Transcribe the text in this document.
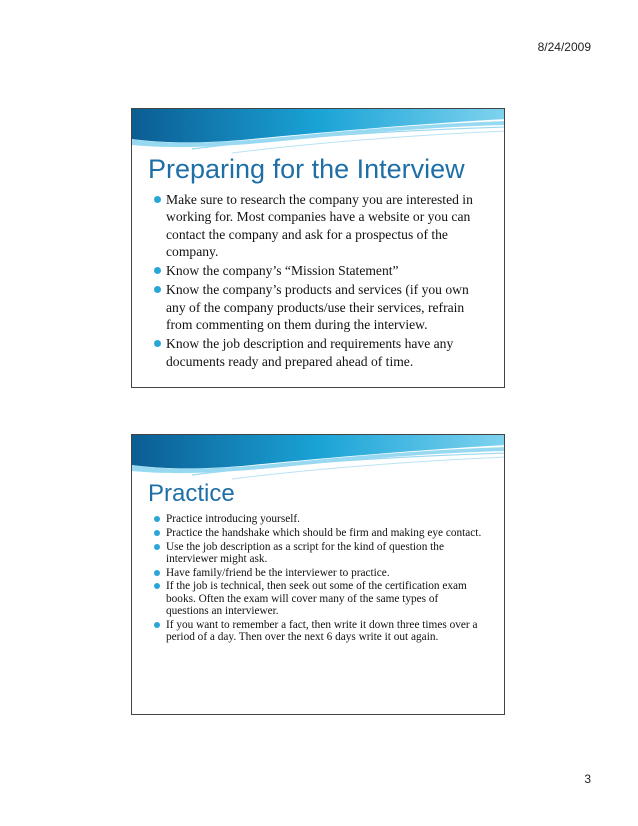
8/24/2009
Preparing for the Interview
Make sure to research the company you are interested in working for. Most companies have a website or you can contact the company and ask for a prospectus of the company.
Know the company’s “Mission Statement”
Know the company’s products and services (if you own any of the company products/use their services, refrain from commenting on them during the interview.
Know the job description and requirements have any documents ready and prepared ahead of time.
Practice
Practice introducing yourself.
Practice the handshake which should be firm and making eye contact.
Use the job description as a script for the kind of question the interviewer might ask.
Have family/friend be the interviewer to practice.
If the job is technical, then seek out some of the certification exam books. Often the exam will cover many of the same types of questions an interviewer.
If you want to remember a fact, then write it down three times over a period of a day. Then over the next 6 days write it out again.
3
